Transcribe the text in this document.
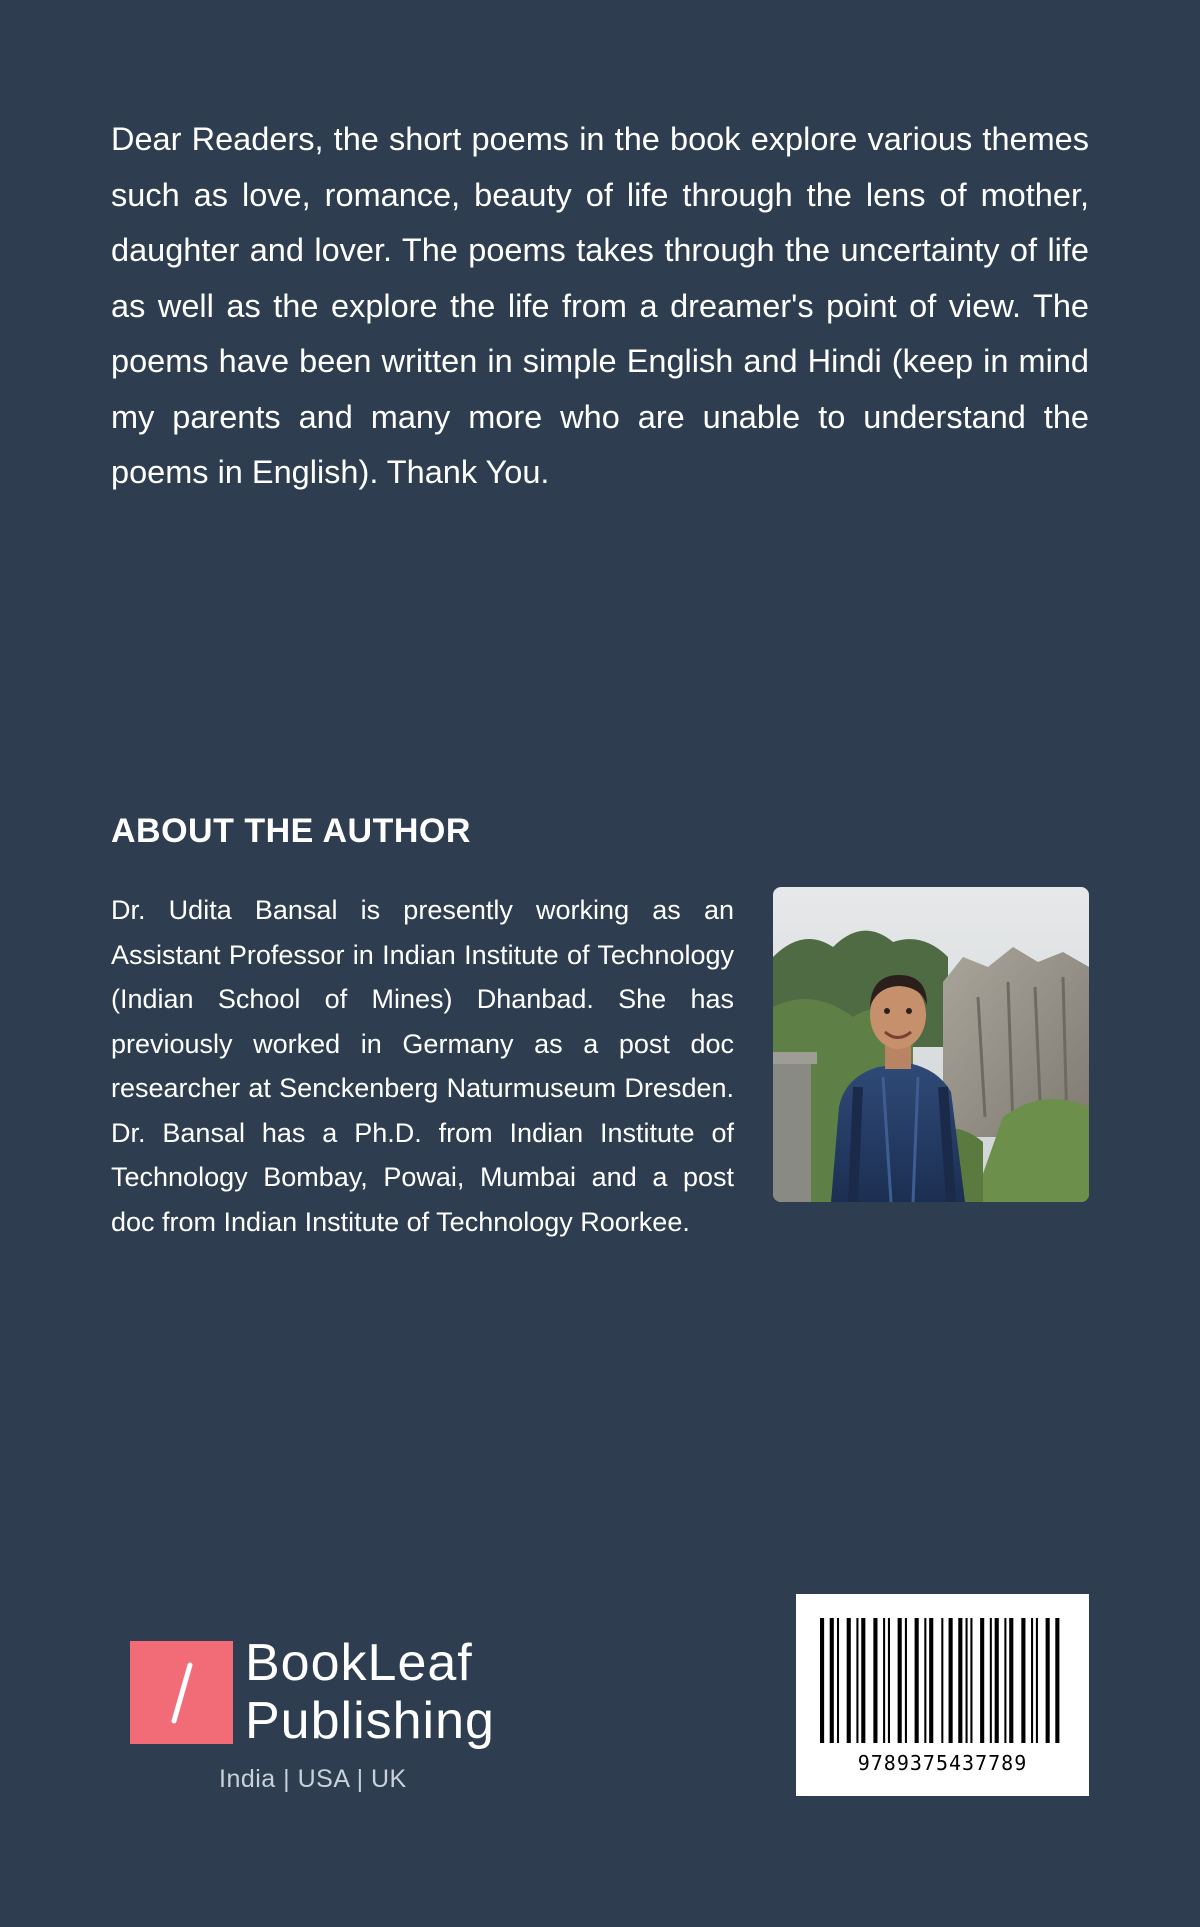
Dear Readers, the short poems in the book explore various themes such as love, romance, beauty of life through the lens of mother, daughter and lover. The poems takes through the uncertainty of life as well as the explore the life from a dreamer's point of view. The poems have been written in simple English and Hindi (keep in mind my parents and many more who are unable to understand the poems in English). Thank You.

ABOUT THE AUTHOR

Dr. Udita Bansal is presently working as an Assistant Professor in Indian Institute of Technology (Indian School of Mines) Dhanbad. She has previously worked in Germany as a post doc researcher at Senckenberg Naturmuseum Dresden. Dr. Bansal has a Ph.D. from Indian Institute of Technology Bombay, Powai, Mumbai and a post doc from Indian Institute of Technology Roorkee.

BookLeaf
Publishing
India | USA | UK
9789375437789
